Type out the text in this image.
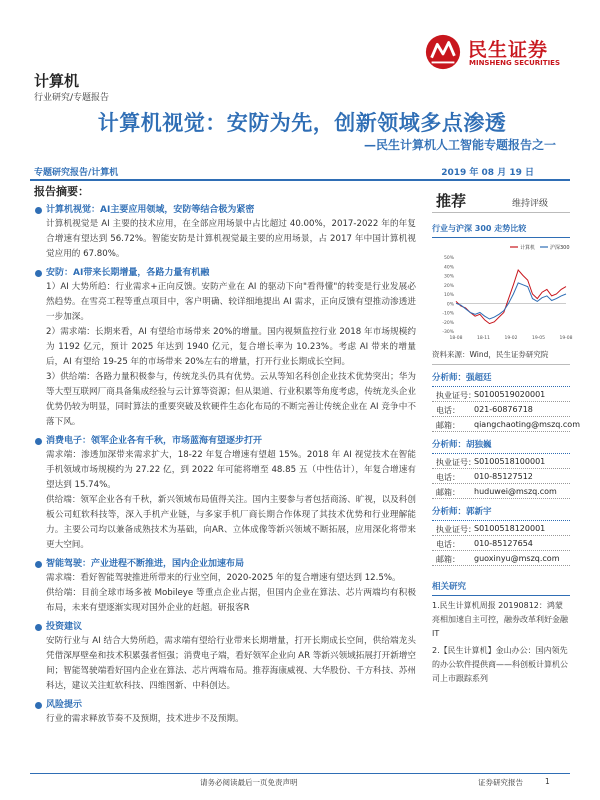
民生证券
MINSHENG SECURITIES
计算机
行业研究/专题报告
计算机视觉：安防为先，创新领域多点渗透
—民生计算机人工智能专题报告之一
专题研究报告/计算机	2019 年 08 月 19 日
报告摘要：
计算机视觉：AI主要应用领域，安防等结合极为紧密
计算机视觉是 AI 主要的技术应用，在全部应用场景中占比超过 40.00%，2017-2022 年的年复合增速有望达到 56.72%。智能安防是计算机视觉最主要的应用场景，占 2017 年中国计算机视觉应用的 67.80%。
安防：AI带来长期增量，各路力量有机融
1）AI 大势所趋：行业需求+正向反馈。安防产业在 AI 的驱动下向"看得懂"的转变是行业发展必然趋势。在雪亮工程等重点项目中，客户明确、较详细地提出 AI 需求，正向反馈有望推动渗透进一步加深。
2）需求端：长期来看，AI 有望给市场带来 20%的增量。国内视频监控行业 2018 年市场规模约为 1192 亿元，预计 2025 年达到 1940 亿元，复合增长率为 10.23%。考虑 AI 带来的增量后，AI 有望给 19-25 年的市场带来 20%左右的增量，打开行业长期成长空间。
3）供给端：各路力量积极参与，传统龙头仍具有优势。云从等知名科创企业技术优势突出；华为等大型互联网厂商具备集成经验与云计算等资源；但从渠道、行业积累等角度考虑，传统龙头企业优势仍较为明显，同时算法的重要突破及软硬件生态化布局的不断完善让传统企业在 AI 竞争中不落下风。
消费电子：领军企业各有千秋，市场蓝海有望逐步打开
需求端：渗透加深带来需求扩大，18-22 年复合增速有望超 15%。2018 年 AI 视觉技术在智能手机领域市场规模约为 27.22 亿，到 2022 年可能将增至 48.85 五（中性估计），年复合增速有望达到 15.74%。
供给端：领军企业各有千秋，新兴领域布局值得关注。国内主要参与者包括商汤、旷视，以及科创板公司虹软科技等，深入手机产业链，与多家手机厂商长期合作体现了其技术优势和行业理解能力。主要公司均以兼备成熟技术为基础，向AR、立体成像等新兴领域不断拓展，应用深化将带来更大空间。
智能驾驶：产业进程不断推进，国内企业加速布局
需求端：看好智能驾驶推进所带来的行业空间，2020-2025 年的复合增速有望达到 12.5%。
供给端：目前全球市场多被 Mobileye 等重点企业占据，但国内企业在算法、芯片两端均有积极布局，未来有望逐渐实现对国外企业的赶超。研报客R
投资建议
安防行业与 AI 结合大势所趋，需求端有望给行业带来长期增量，打开长期成长空间，供给端龙头凭借深厚壁垒和技术积累强者恒强；消费电子端，看好领军企业向 AR 等新兴领域拓展打开新增空间；智能驾驶端看好国内企业在算法、芯片两端布局。推荐海康威视、大华股份、千方科技、苏州科达，建议关注虹软科技、四维图新、中科创达。
风险提示
行业的需求释放节奏不及预期，技术进步不及预期。
推荐	维持评级
行业与沪深 300 走势比较
50%
40%
30%
20%
10%
0%
-10%
-20%
-30%
18-08	18-11	19-02	19-05	19-08
计算机	沪深300
资料来源：Wind，民生证券研究院
分析师：强超廷
执业证号：
S0100519020001
电话： 021-60876718
邮箱： qiangchaoting@mszq.com
分析师：胡独巍
执业证号：
S0100518100001
电话： 010-85127512
邮箱： huduwei@mszq.com
分析师：郭新宇
执业证号：
S0100518120001
电话： 010-85127654
邮箱： guoxinyu@mszq.com
相关研究
1.民生计算机周报 20190812：鸿蒙亮相加速自主可控，融券改革利好金融 IT
2.【民生计算机】金山办公：国内领先的办公软件提供商——科创板计算机公司上市跟踪系列
请务必阅读最后一页免责声明	证券研究报告	1
